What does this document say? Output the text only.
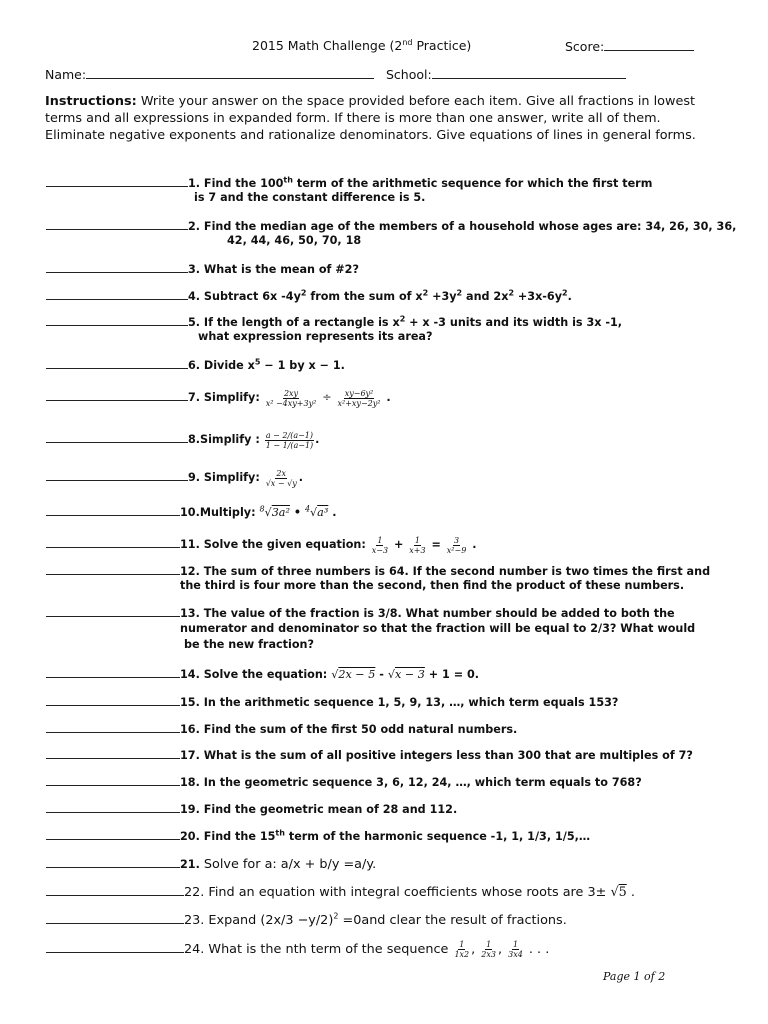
2015 Math Challenge (2nd Practice)	Score:
Name:	School:
Instructions: Write your answer on the space provided before each item. Give all fractions in lowest terms and all expressions in expanded form. If there is more than one answer, write all of them. Eliminate negative exponents and rationalize denominators. Give equations of lines in general forms.
1. Find the 100th term of the arithmetic sequence for which the first term
is 7 and the constant difference is 5.
2. Find the median age of the members of a household whose ages are: 34, 26, 30, 36,
42, 44, 46, 50, 70, 18
3. What is the mean of #2?
4. Subtract 6x $-4y^2$ from the sum of $x^2 +3y^2$ and $2x^2 +3x-6y^2$.
5. If the length of a rectangle is $x^2 + x$ -3 units and its width is 3x -1,
what expression represents its area?
6. Divide $x^5 - 1$ by x − 1.
7. Simplify: $\frac{2xy}{\text{x² −4xy+3y²}} \div \frac{\text{xy−6y²}}{\text{x²+xy−2y²}}$ .
8.Simplify : $\frac{a - 2/(a-1)}{1 - 1/(a-1)}$ .
9. Simplify: $\frac{2x}{√x - √y}$ .
10.Multiply: $^8$√3a² • $^4$√a³ .
11. Solve the given equation: $\frac{1}{x-3} + \frac{1}{x+3} = \frac{3}{\text{x²−9}}$ .
12. The sum of three numbers is 64. If the second number is two times the first and
the third is four more than the second, then find the product of these numbers.
13. The value of the fraction is 3/8. What number should be added to both the
numerator and denominator so that the fraction will be equal to 2/3? What would
be the new fraction?
14. Solve the equation: √2x − 5 - √x − 3 + 1 = 0.
15. In the arithmetic sequence 1, 5, 9, 13, …, which term equals 153?
16. Find the sum of the first 50 odd natural numbers.
17. What is the sum of all positive integers less than 300 that are multiples of 7?
18. In the geometric sequence 3, 6, 12, 24, …, which term equals to 768?
19. Find the geometric mean of 28 and 112.
20. Find the 15th term of the harmonic sequence -1, 1, 1/3, 1/5,…
21. Solve for a: a/x + b/y =a/y.
22. Find an equation with integral coefficients whose roots are 3± √5 .
23. Expand $(2x/3 -y/2)^2 =0and$ clear the result of fractions.
24. What is the nth term of the sequence $\frac{1}{1x2}$ , $\frac{1}{2x3}$ , $\frac{1}{3x4}$ . . .
Page 1 of 2
